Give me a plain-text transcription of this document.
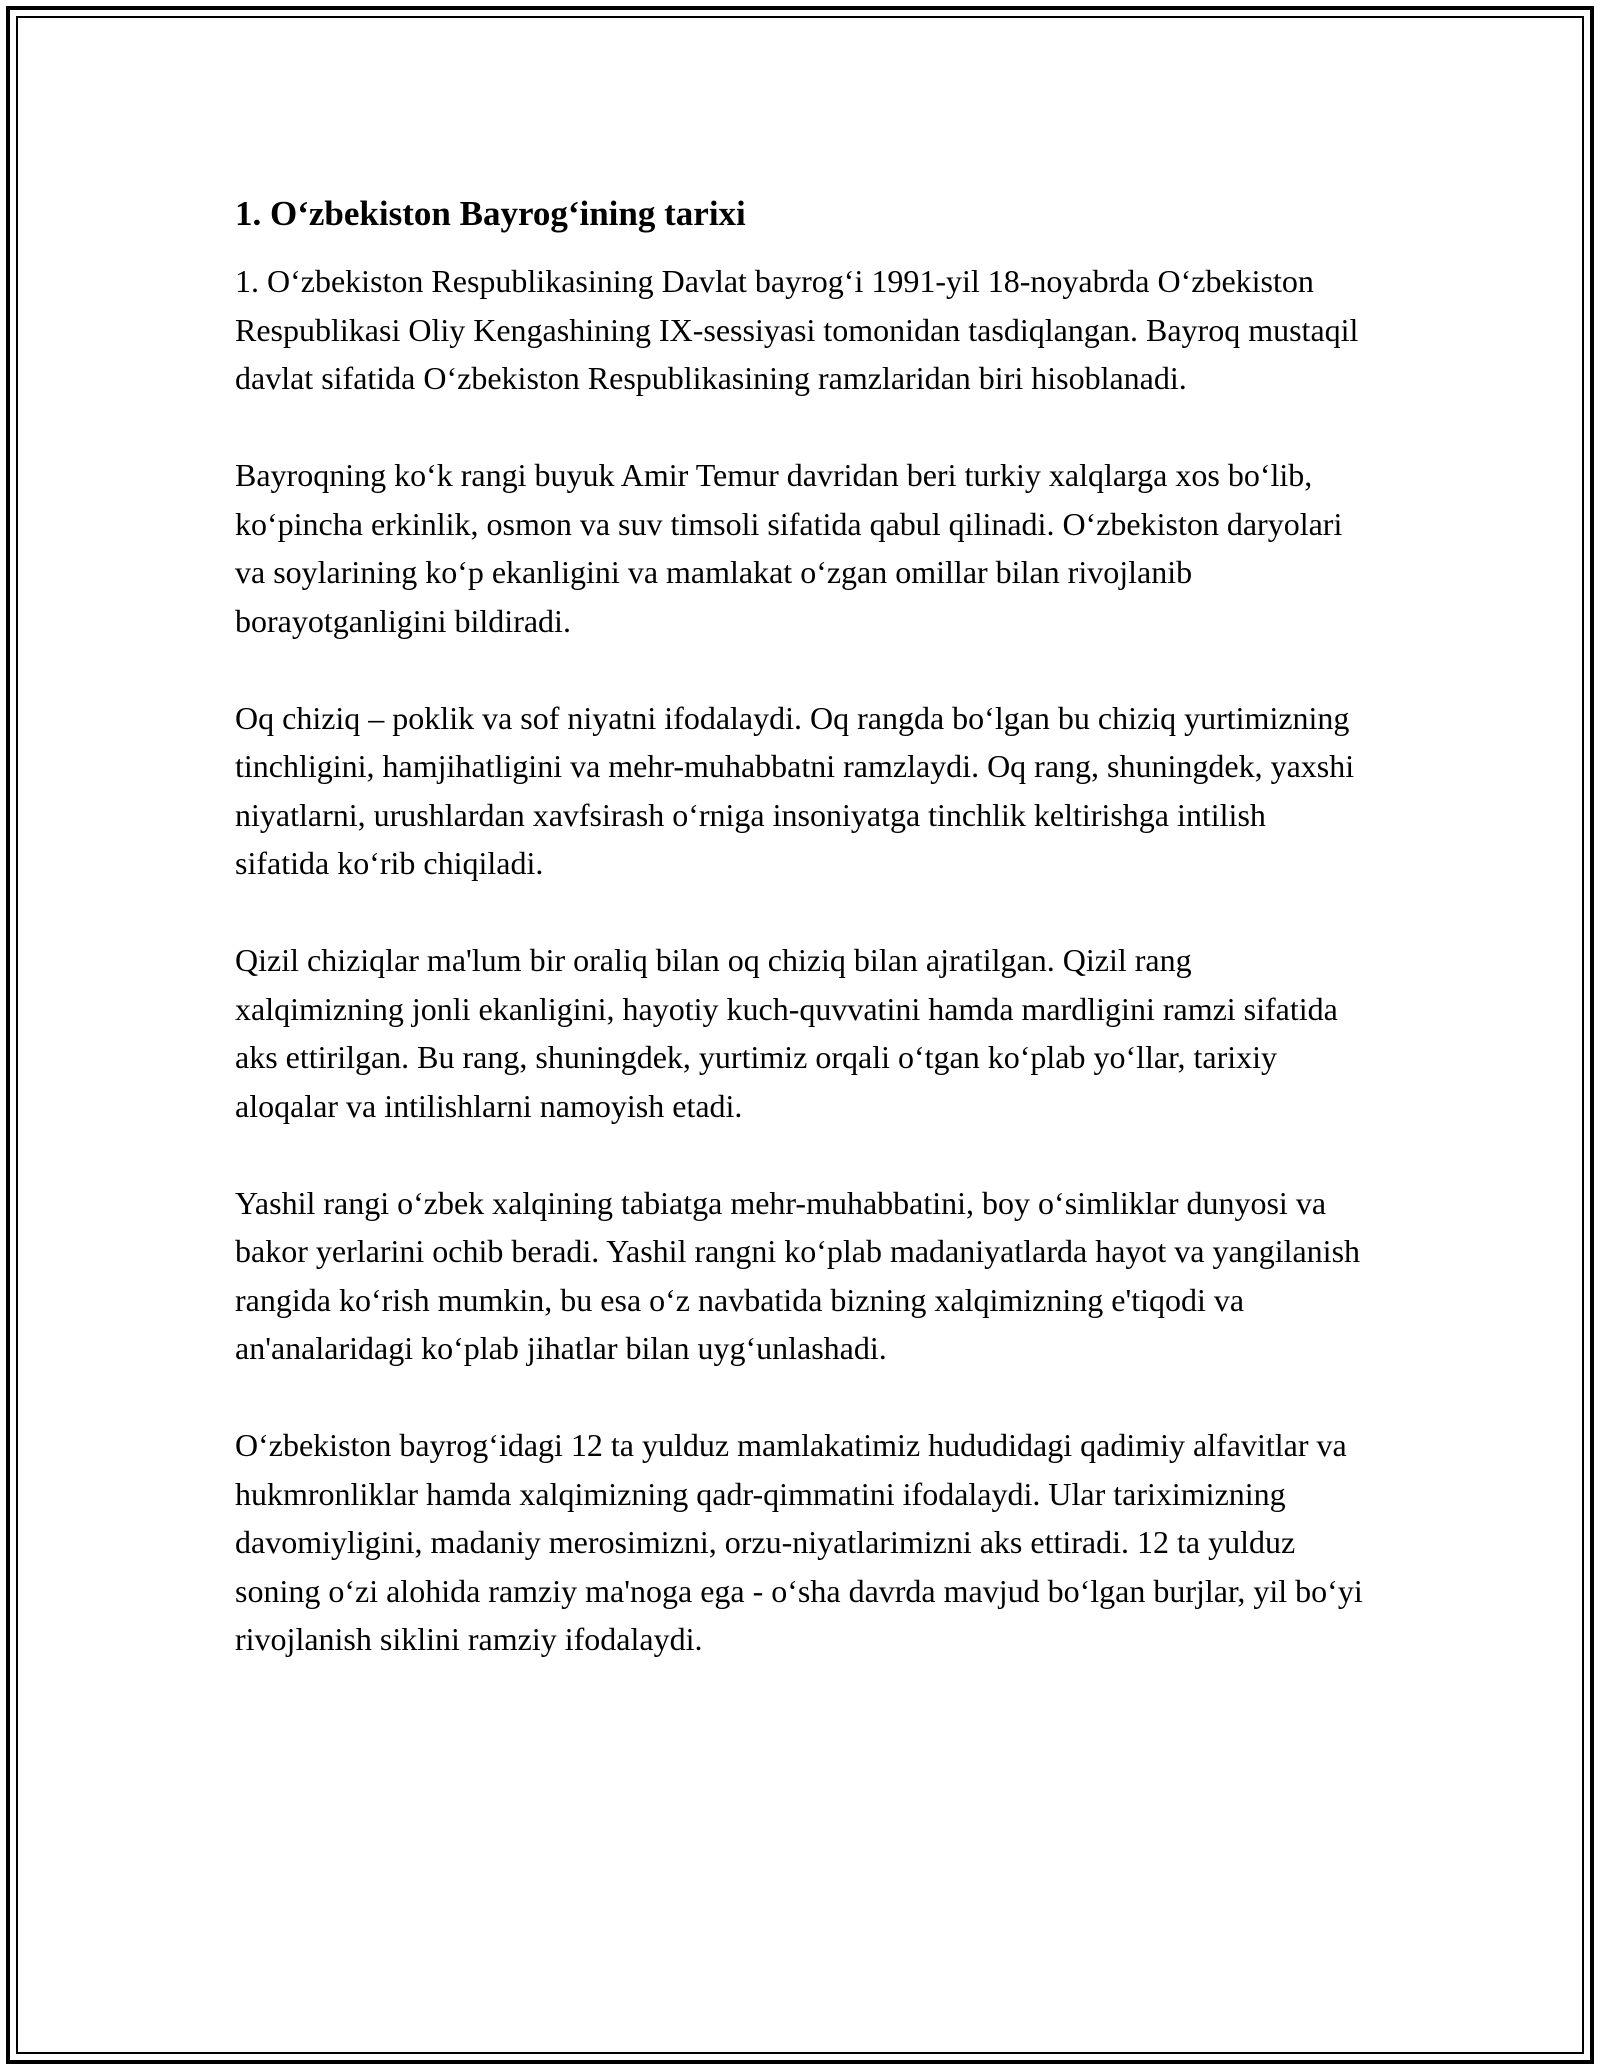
1. O‘zbekiston Bayrog‘ining tarixi

1. O‘zbekiston Respublikasining Davlat bayrog‘i 1991-yil 18-noyabrda O‘zbekiston Respublikasi Oliy Kengashining IX-sessiyasi tomonidan tasdiqlangan. Bayroq mustaqil davlat sifatida O‘zbekiston Respublikasining ramzlaridan biri hisoblanadi.

Bayroqning ko‘k rangi buyuk Amir Temur davridan beri turkiy xalqlarga xos bo‘lib, ko‘pincha erkinlik, osmon va suv timsoli sifatida qabul qilinadi. O‘zbekiston daryolari va soylarining ko‘p ekanligini va mamlakat o‘zgan omillar bilan rivojlanib borayotganligini bildiradi.

Oq chiziq – poklik va sof niyatni ifodalaydi. Oq rangda bo‘lgan bu chiziq yurtimizning tinchligini, hamjihatligini va mehr-muhabbatni ramzlaydi. Oq rang, shuningdek, yaxshi niyatlarni, urushlardan xavfsirash o‘rniga insoniyatga tinchlik keltirishga intilish sifatida ko‘rib chiqiladi.

Qizil chiziqlar ma'lum bir oraliq bilan oq chiziq bilan ajratilgan. Qizil rang xalqimizning jonli ekanligini, hayotiy kuch-quvvatini hamda mardligini ramzi sifatida aks ettirilgan. Bu rang, shuningdek, yurtimiz orqali o‘tgan ko‘plab yo‘llar, tarixiy aloqalar va intilishlarni namoyish etadi.

Yashil rangi o‘zbek xalqining tabiatga mehr-muhabbatini, boy o‘simliklar dunyosi va bakor yerlarini ochib beradi. Yashil rangni ko‘plab madaniyatlarda hayot va yangilanish rangida ko‘rish mumkin, bu esa o‘z navbatida bizning xalqimizning e'tiqodi va an'analaridagi ko‘plab jihatlar bilan uyg‘unlashadi.

O‘zbekiston bayrog‘idagi 12 ta yulduz mamlakatimiz hududidagi qadimiy alfavitlar va hukmronliklar hamda xalqimizning qadr-qimmatini ifodalaydi. Ular tariximizning davomiyligini, madaniy merosimizni, orzu-niyatlarimizni aks ettiradi. 12 ta yulduz soning o‘zi alohida ramziy ma'noga ega - o‘sha davrda mavjud bo‘lgan burjlar, yil bo‘yi rivojlanish siklini ramziy ifodalaydi.
